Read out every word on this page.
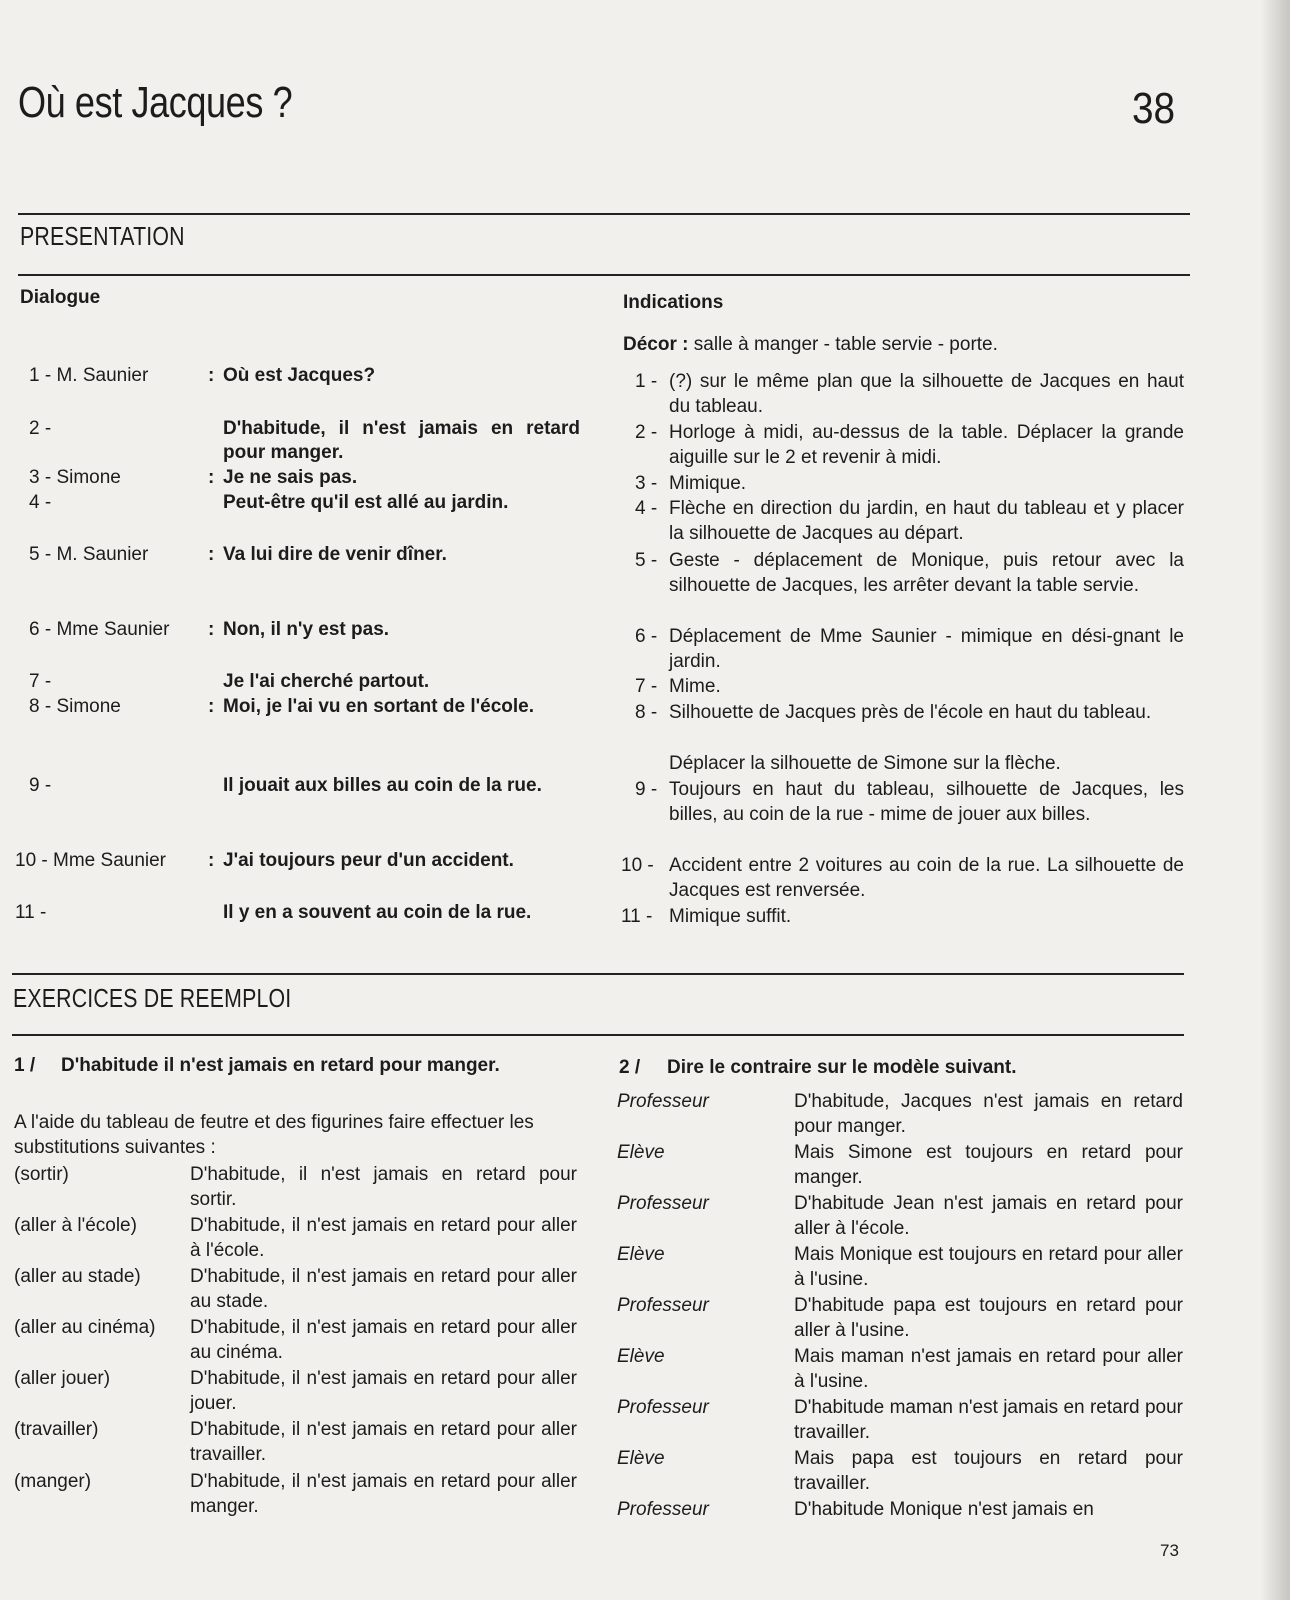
Où est Jacques ?	38
PRESENTATION
Dialogue	Indications
1 - M. Saunier	: Où est Jacques?
2 -	D'habitude, il n'est jamais en retard pour manger.
3 - Simone	: Je ne sais pas.
4 -	Peut-être qu'il est allé au jardin.
5 - M. Saunier	: Va lui dire de venir dîner.
6 - Mme Saunier : Non, il n'y est pas.
7 -	Je l'ai cherché partout.
8 - Simone	: Moi, je l'ai vu en sortant de l'école.
9 -	Il jouait aux billes au coin de la rue.
10 - Mme Saunier : J'ai toujours peur d'un accident.
11 -	Il y en a souvent au coin de la rue.
Décor : salle à manger - table servie - porte.
1 - (?) sur le même plan que la silhouette de Jacques en haut du tableau.
2 - Horloge à midi, au-dessus de la table. Déplacer la grande aiguille sur le 2 et revenir à midi.
3 - Mimique.
4 - Flèche en direction du jardin, en haut du tableau et y placer la silhouette de Jacques au départ.
5 - Geste - déplacement de Monique, puis retour avec la silhouette de Jacques, les arrêter devant la table servie.
6 - Déplacement de Mme Saunier - mimique en dési-gnant le jardin.
7 - Mime.
8 - Silhouette de Jacques près de l'école en haut du tableau.
Déplacer la silhouette de Simone sur la flèche.
9 - Toujours en haut du tableau, silhouette de Jacques, les billes, au coin de la rue - mime de jouer aux billes.
10 - Accident entre 2 voitures au coin de la rue. La silhouette de Jacques est renversée.
11 - Mimique suffit.
EXERCICES DE REEMPLOI
1 / D'habitude il n'est jamais en retard pour manger.
A l'aide du tableau de feutre et des figurines faire effectuer les substitutions suivantes :
(sortir)	D'habitude, il n'est jamais en retard pour sortir.
(aller à l'école)	D'habitude, il n'est jamais en retard pour aller à l'école.
(aller au stade)	D'habitude, il n'est jamais en retard pour aller au stade.
(aller au cinéma) D'habitude, il n'est jamais en retard pour aller au cinéma.
(aller jouer)	D'habitude, il n'est jamais en retard pour aller jouer.
(travailler)	D'habitude, il n'est jamais en retard pour aller travailler.
(manger)	D'habitude, il n'est jamais en retard pour aller manger.
2 / Dire le contraire sur le modèle suivant.
Professeur	D'habitude, Jacques n'est jamais en retard pour manger.
Elève	Mais Simone est toujours en retard pour manger.
Professeur	D'habitude Jean n'est jamais en retard pour aller à l'école.
Elève	Mais Monique est toujours en retard pour aller à l'usine.
Professeur	D'habitude papa est toujours en retard pour aller à l'usine.
Elève	Mais maman n'est jamais en retard pour aller à l'usine.
Professeur	D'habitude maman n'est jamais en retard pour travailler.
Elève	Mais papa est toujours en retard pour travailler.
Professeur	D'habitude Monique n'est jamais en
73
